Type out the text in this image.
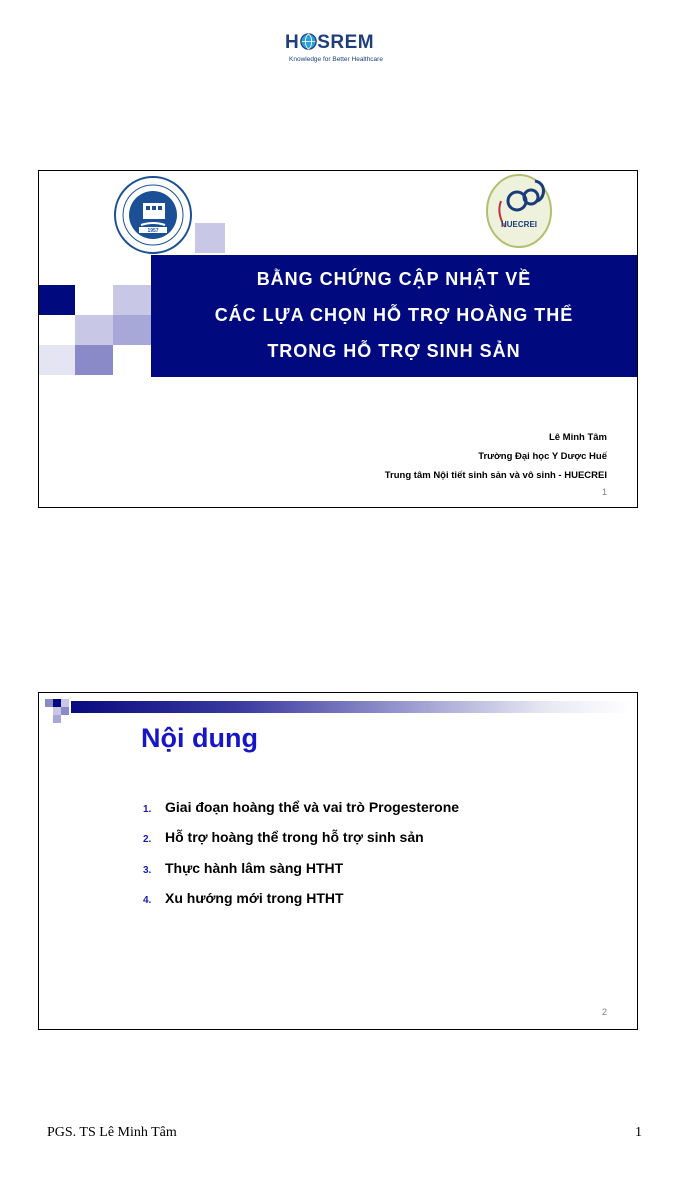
H SREM
Knowledge for Better Healthcare
1957
HUECREI
BẰNG CHỨNG CẬP NHẬT VỀ
CÁC LỰA CHỌN HỖ TRỢ HOÀNG THỂ
TRONG HỖ TRỢ SINH SẢN
Lê Minh Tâm
Trường Đại học Y Dược Huế
Trung tâm Nội tiết sinh sản và vô sinh - HUECREI
1
Nội dung
1. Giai đoạn hoàng thể và vai trò Progesterone
2. Hỗ trợ hoàng thể trong hỗ trợ sinh sản
3. Thực hành lâm sàng HTHT
4. Xu hướng mới trong HTHT
2
PGS. TS Lê Minh Tâm	1
